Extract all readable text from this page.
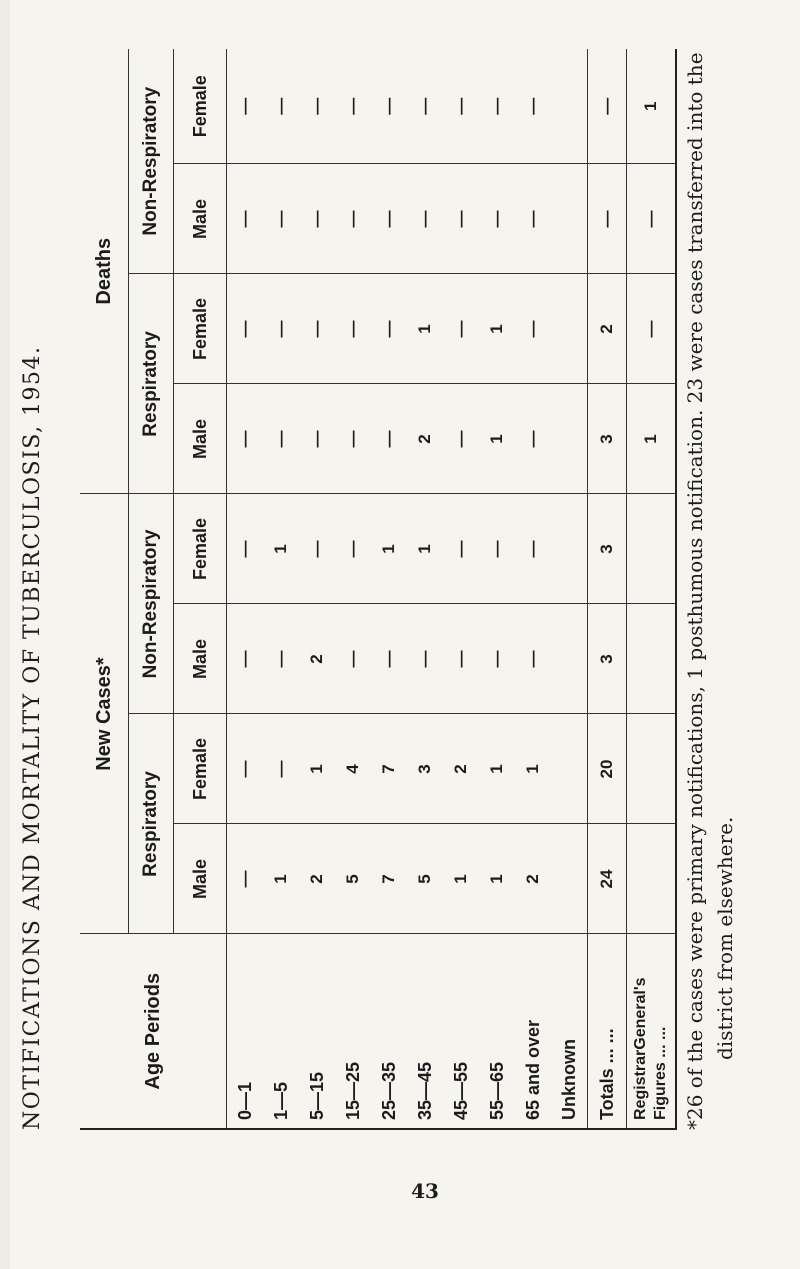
NOTIFICATIONS AND MORTALITY OF TUBERCULOSIS, 1954.	Age Periods	New Cases*				Deaths			
	Respiratory		Non-Respiratory		Respiratory		Non-Respiratory	
	Male	Female	Male	Female	Male	Female	Male	Female
0—1	—	—	—	—	—	—	—	—
1—5	1	—	—	1	—	—	—	—
5—15	2	1	2	—	—	—	—	—
15—25	5	4	—	—	—	—	—	—
25—35	7	7	—	1	—	—	—	—
35—45	5	3	—	1	2	1	—	—
45—55	1	2	—	—	—	—	—	—
55—65	1	1	—	—	1	1	—	—
65 and over	2	1	—	—	—	—	—	—
Unknown								
Totals ... ...	24	20	3	3	3	2	—	—
RegistrarGeneral's Figures ... ...					1	—	—	1 *26 of the cases were primary notifications, 1 posthumous notification. 23 were cases transferred into the district from elsewhere.
43
